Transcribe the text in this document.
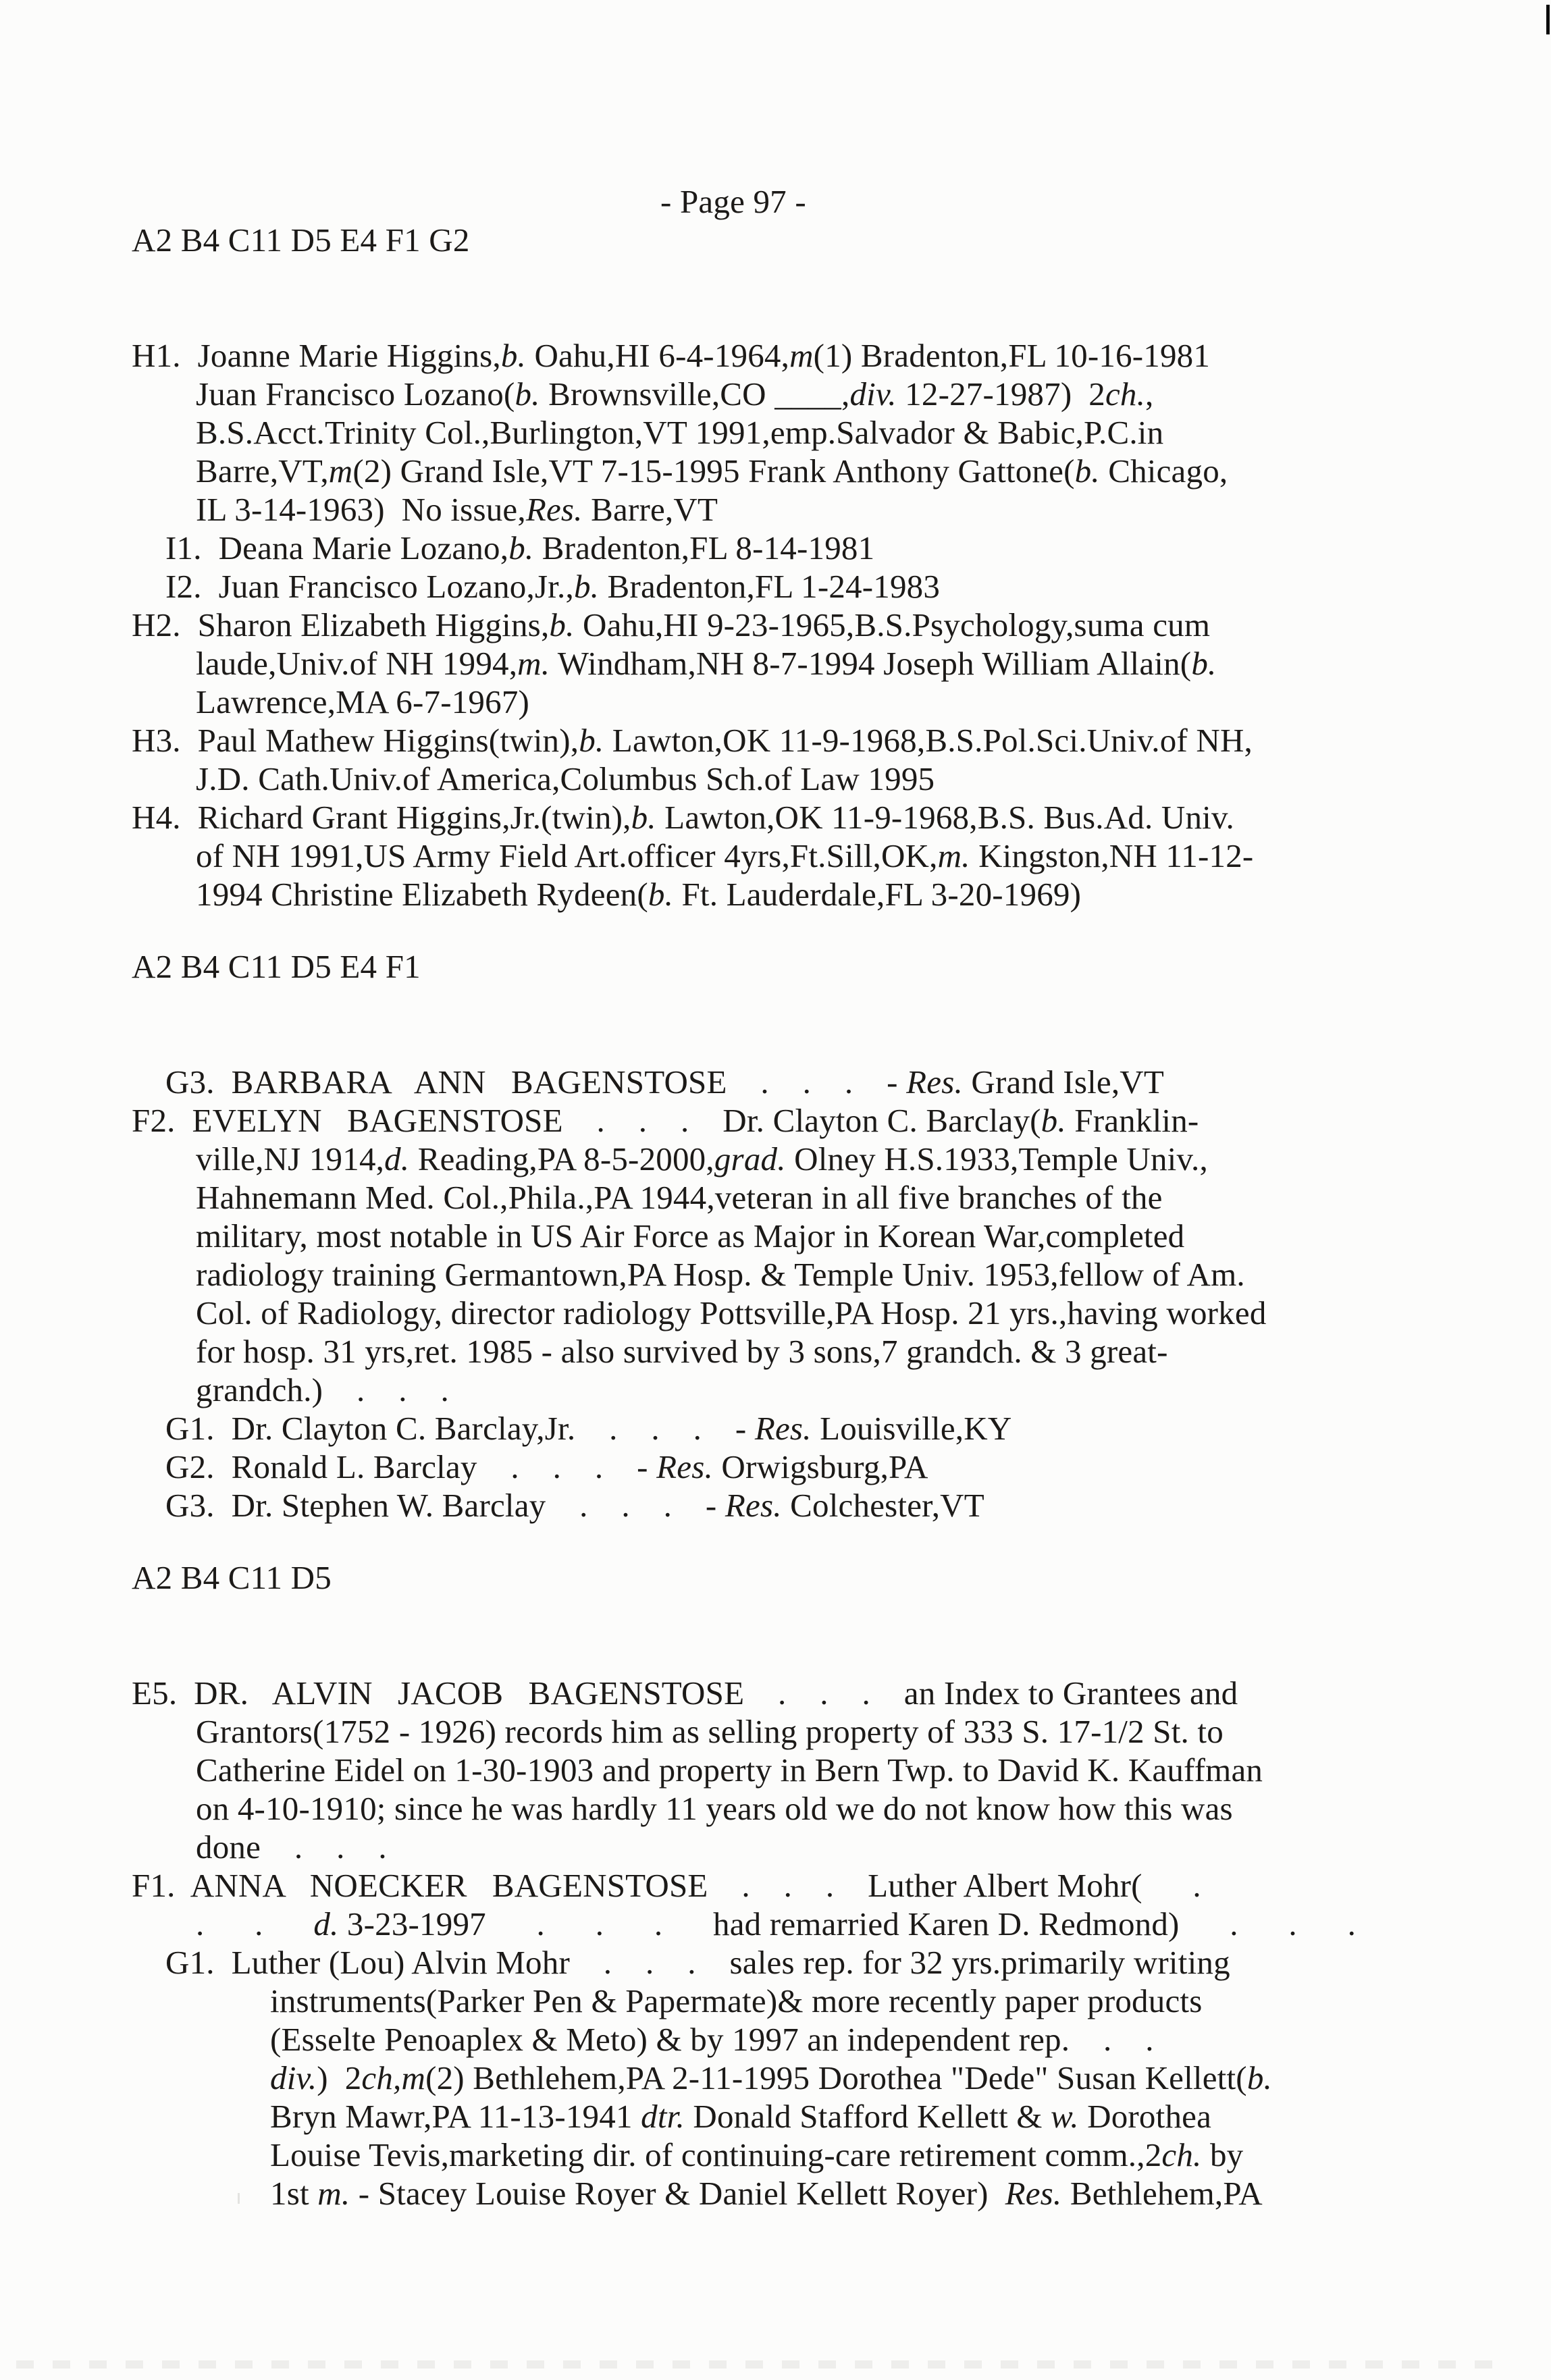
- Page 97 -
A2 B4 C11 D5 E4 F1 G2
H1.  Joanne Marie Higgins,b. Oahu,HI 6-4-1964,m(1) Bradenton,FL 10-16-1981
Juan Francisco Lozano(b. Brownsville,CO ____,div. 12-27-1987)  2ch.,
B.S.Acct.Trinity Col.,Burlington,VT 1991,emp.Salvador & Babic,P.C.in
Barre,VT,m(2) Grand Isle,VT 7-15-1995 Frank Anthony Gattone(b. Chicago,
IL 3-14-1963)  No issue,Res. Barre,VT
I1.  Deana Marie Lozano,b. Bradenton,FL 8-14-1981
I2.  Juan Francisco Lozano,Jr.,b. Bradenton,FL 1-24-1983
H2.  Sharon Elizabeth Higgins,b. Oahu,HI 9-23-1965,B.S.Psychology,suma cum
laude,Univ.of NH 1994,m. Windham,NH 8-7-1994 Joseph William Allain(b.
Lawrence,MA 6-7-1967)
H3.  Paul Mathew Higgins(twin),b. Lawton,OK 11-9-1968,B.S.Pol.Sci.Univ.of NH,
J.D. Cath.Univ.of America,Columbus Sch.of Law 1995
H4.  Richard Grant Higgins,Jr.(twin),b. Lawton,OK 11-9-1968,B.S. Bus.Ad. Univ.
of NH 1991,US Army Field Art.officer 4yrs,Ft.Sill,OK,m. Kingston,NH 11-12-
1994 Christine Elizabeth Rydeen(b. Ft. Lauderdale,FL 3-20-1969)
A2 B4 C11 D5 E4 F1
G3.  BARBARA   ANN   BAGENSTOSE    .    .    .    - Res. Grand Isle,VT
F2.  EVELYN   BAGENSTOSE    .    .    .    Dr. Clayton C. Barclay(b. Franklin-
ville,NJ 1914,d. Reading,PA 8-5-2000,grad. Olney H.S.1933,Temple Univ.,
Hahnemann Med. Col.,Phila.,PA 1944,veteran in all five branches of the
military, most notable in US Air Force as Major in Korean War,completed
radiology training Germantown,PA Hosp. & Temple Univ. 1953,fellow of Am.
Col. of Radiology, director radiology Pottsville,PA Hosp. 21 yrs.,having worked
for hosp. 31 yrs,ret. 1985 - also survived by 3 sons,7 grandch. & 3 great-
grandch.)    .    .    .
G1.  Dr. Clayton C. Barclay,Jr.    .    .    .    - Res. Louisville,KY
G2.  Ronald L. Barclay    .    .    .    - Res. Orwigsburg,PA
G3.  Dr. Stephen W. Barclay    .    .    .    - Res. Colchester,VT
A2 B4 C11 D5
E5.  DR.   ALVIN   JACOB   BAGENSTOSE    .    .    .    an Index to Grantees and
Grantors(1752 - 1926) records him as selling property of 333 S. 17-1/2 St. to
Catherine Eidel on 1-30-1903 and property in Bern Twp. to David K. Kauffman
on 4-10-1910; since he was hardly 11 years old we do not know how this was
done    .    .    .
F1.  ANNA   NOECKER   BAGENSTOSE    .    .    .    Luther Albert Mohr(      .
.      .      d. 3-23-1997      .      .      .      had remarried Karen D. Redmond)      .      .      .
G1.  Luther (Lou) Alvin Mohr    .    .    .    sales rep. for 32 yrs.primarily writing
instruments(Parker Pen & Papermate)& more recently paper products
(Esselte Penoaplex & Meto) & by 1997 an independent rep.    .    .
div.)  2ch,m(2) Bethlehem,PA 2-11-1995 Dorothea "Dede" Susan Kellett(b.
Bryn Mawr,PA 11-13-1941 dtr. Donald Stafford Kellett & w. Dorothea
Louise Tevis,marketing dir. of continuing-care retirement comm.,2ch. by
1st m. - Stacey Louise Royer & Daniel Kellett Royer)  Res. Bethlehem,PA
